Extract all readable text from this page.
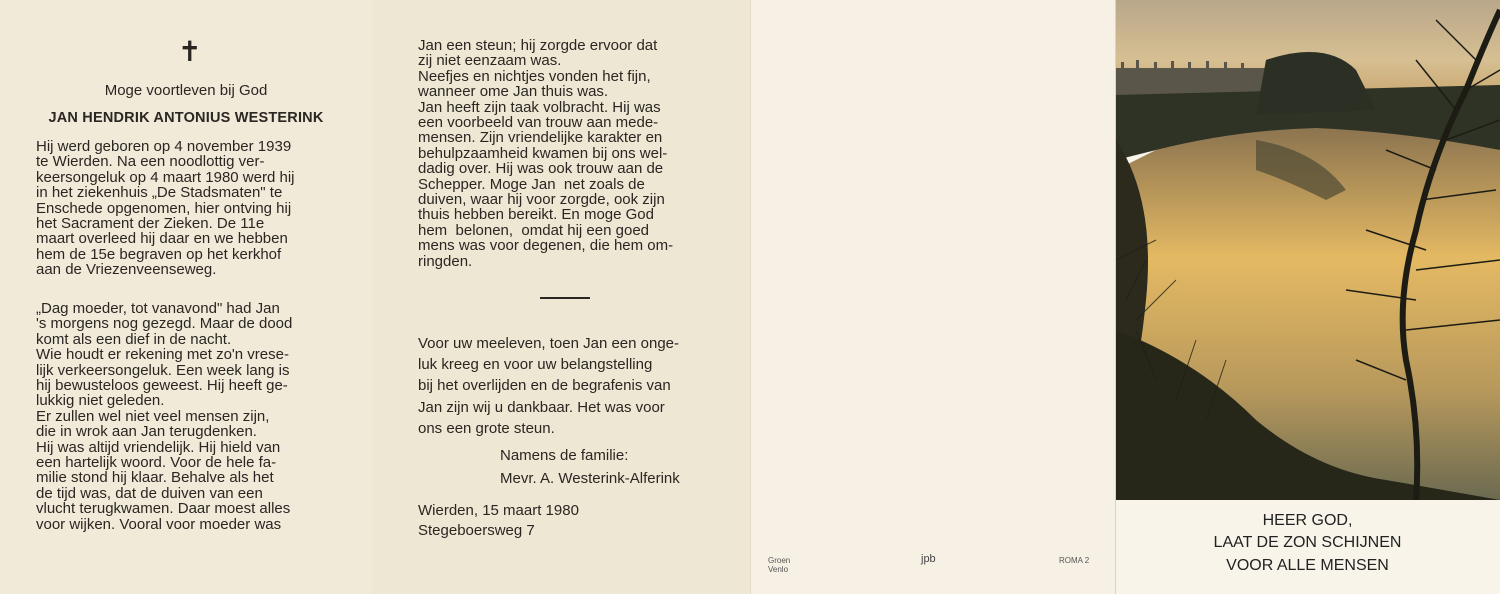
✝
Moge voortleven bij God
JAN HENDRIK ANTONIUS WESTERINK
Hij werd geboren op 4 november 1939
te Wierden. Na een noodlottig ver-
keersongeluk op 4 maart 1980 werd hij
in het ziekenhuis „De Stadsmaten" te
Enschede opgenomen, hier ontving hij
het Sacrament der Zieken. De 11e
maart overleed hij daar en we hebben
hem de 15e begraven op het kerkhof
aan de Vriezenveenseweg.
„Dag moeder, tot vanavond" had Jan
's morgens nog gezegd. Maar de dood
komt als een dief in de nacht.
Wie houdt er rekening met zo'n vrese-
lijk verkeersongeluk. Een week lang is
hij bewusteloos geweest. Hij heeft ge-
lukkig niet geleden.
Er zullen wel niet veel mensen zijn,
die in wrok aan Jan terugdenken.
Hij was altijd vriendelijk. Hij hield van
een hartelijk woord. Voor de hele fa-
milie stond hij klaar. Behalve als het
de tijd was, dat de duiven van een
vlucht terugkwamen. Daar moest alles
voor wijken. Vooral voor moeder was
Jan een steun; hij zorgde ervoor dat
zij niet eenzaam was.
Neefjes en nichtjes vonden het fijn,
wanneer ome Jan thuis was.
Jan heeft zijn taak volbracht. Hij was
een voorbeeld van trouw aan mede-
mensen. Zijn vriendelijke karakter en
behulpzaamheid kwamen bij ons wel-
dadig over. Hij was ook trouw aan de
Schepper. Moge Jan  net zoals de
duiven, waar hij voor zorgde, ook zijn
thuis hebben bereikt. En moge God
hem  belonen,  omdat hij een goed
mens was voor degenen, die hem om-
ringden.
Voor uw meeleven, toen Jan een onge-
luk kreeg en voor uw belangstelling
bij het overlijden en de begrafenis van
Jan zijn wij u dankbaar. Het was voor
ons een grote steun.
Namens de familie:
Mevr. A. Westerink-Alferink
Wierden, 15 maart 1980
Stegeboersweg 7
Groen
Venlo
jpb	ROMA 2
HEER GOD,
LAAT DE ZON SCHIJNEN
VOOR ALLE MENSEN
